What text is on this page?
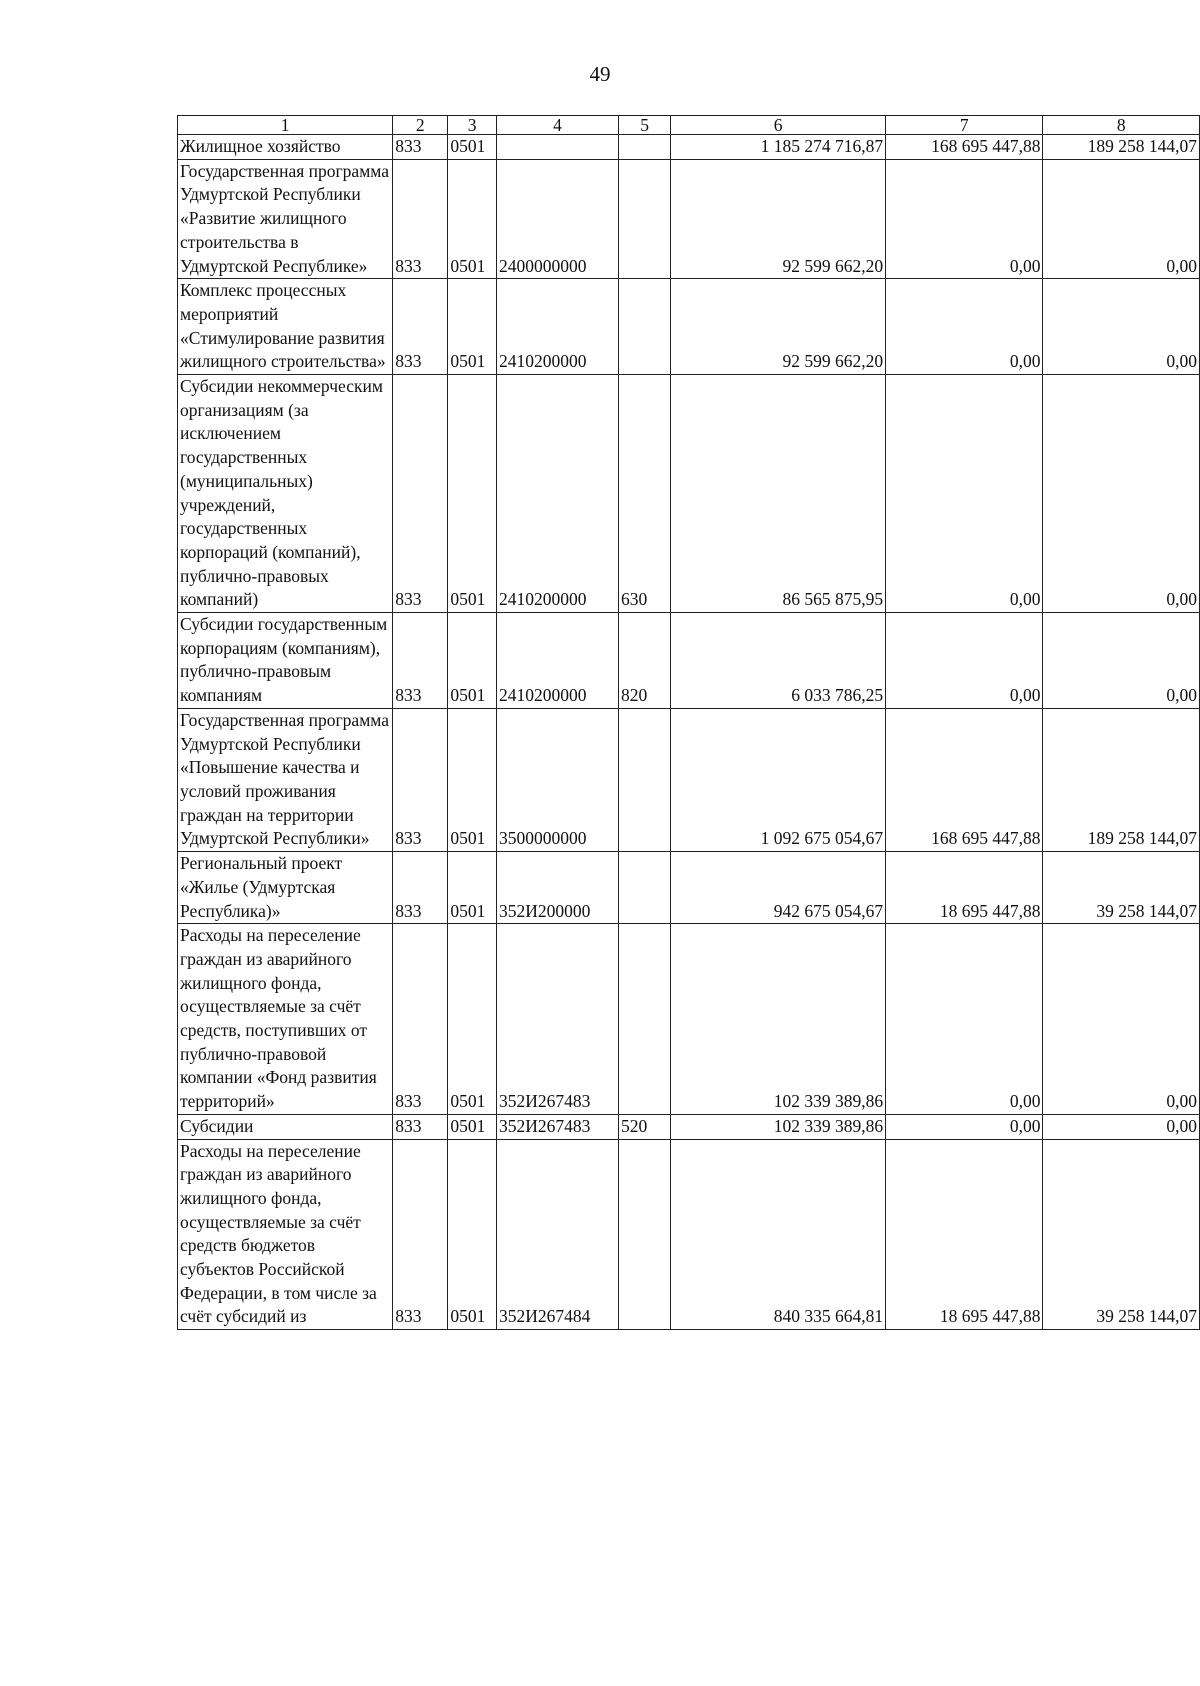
49
1	2	3	4	5	6	7	8
Жилищное хозяйство	833	0501			1 185 274 716,87	168 695 447,88	189 258 144,07
Государственная программа Удмуртской Республики «Развитие жилищного строительства в Удмуртской Республике»	833	0501	2400000000		92 599 662,20	0,00	0,00
Комплекс процессных мероприятий «Стимулирование развития жилищного строительства»	833	0501	2410200000		92 599 662,20	0,00	0,00
Субсидии некоммерческим организациям (за исключением государственных (муниципальных) учреждений, государственных корпораций (компаний), публично-правовых компаний)	833	0501	2410200000	630	86 565 875,95	0,00	0,00
Субсидии государственным корпорациям (компаниям), публично-правовым компаниям	833	0501	2410200000	820	6 033 786,25	0,00	0,00
Государственная программа Удмуртской Республики «Повышение качества и условий проживания граждан на территории Удмуртской Республики»	833	0501	3500000000		1 092 675 054,67	168 695 447,88	189 258 144,07
Региональный проект «Жилье (Удмуртская Республика)»	833	0501	352И200000		942 675 054,67	18 695 447,88	39 258 144,07
Расходы на переселение граждан из аварийного жилищного фонда, осуществляемые за счёт средств, поступивших от публично-правовой компании «Фонд развития территорий»	833	0501	352И267483		102 339 389,86	0,00	0,00
Субсидии	833	0501	352И267483	520	102 339 389,86	0,00	0,00
Расходы на переселение граждан из аварийного жилищного фонда, осуществляемые за счёт средств бюджетов субъектов Российской Федерации, в том числе за счёт субсидий из	833	0501	352И267484		840 335 664,81	18 695 447,88	39 258 144,07
